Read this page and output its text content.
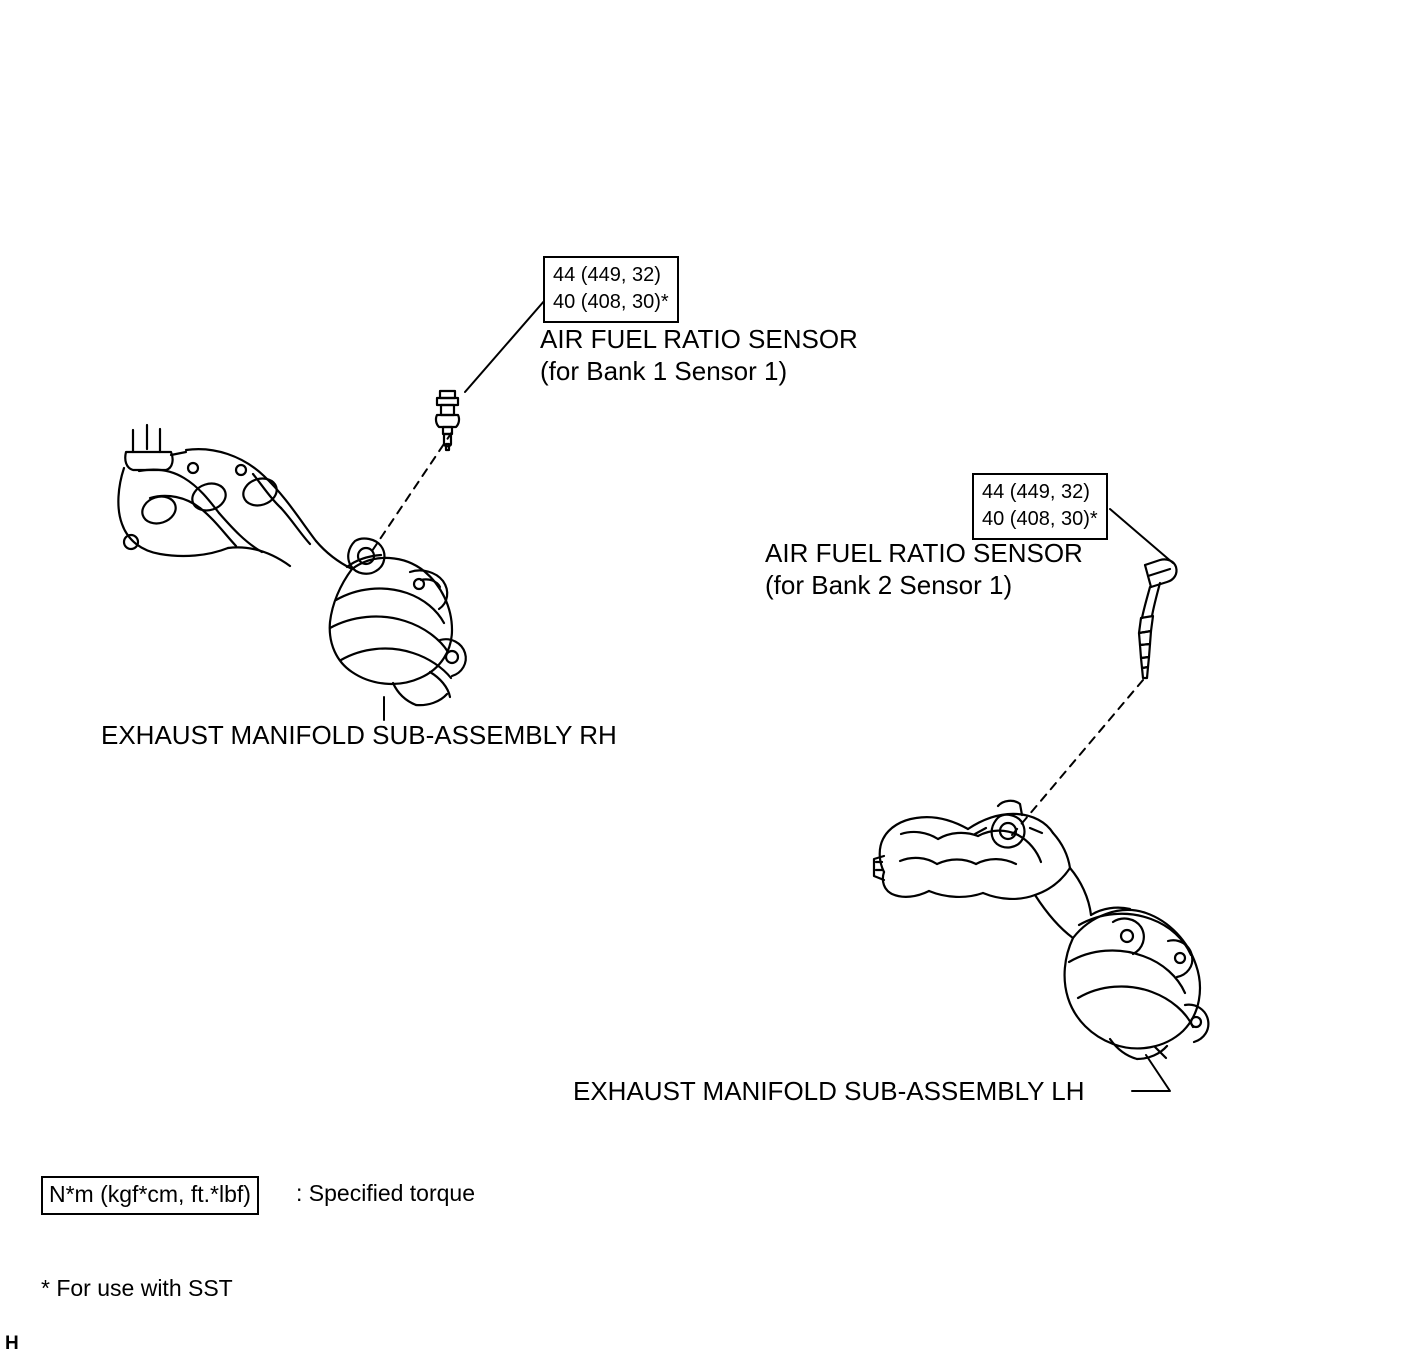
44 (449, 32)
40 (408, 30)*
AIR FUEL RATIO SENSOR
(for Bank 1 Sensor 1)
44 (449, 32)
40 (408, 30)*
AIR FUEL RATIO SENSOR
(for Bank 2 Sensor 1)
EXHAUST MANIFOLD SUB-ASSEMBLY RH
EXHAUST MANIFOLD SUB-ASSEMBLY LH
N*m (kgf*cm, ft.*lbf)	: Specified torque
* For use with SST
H
